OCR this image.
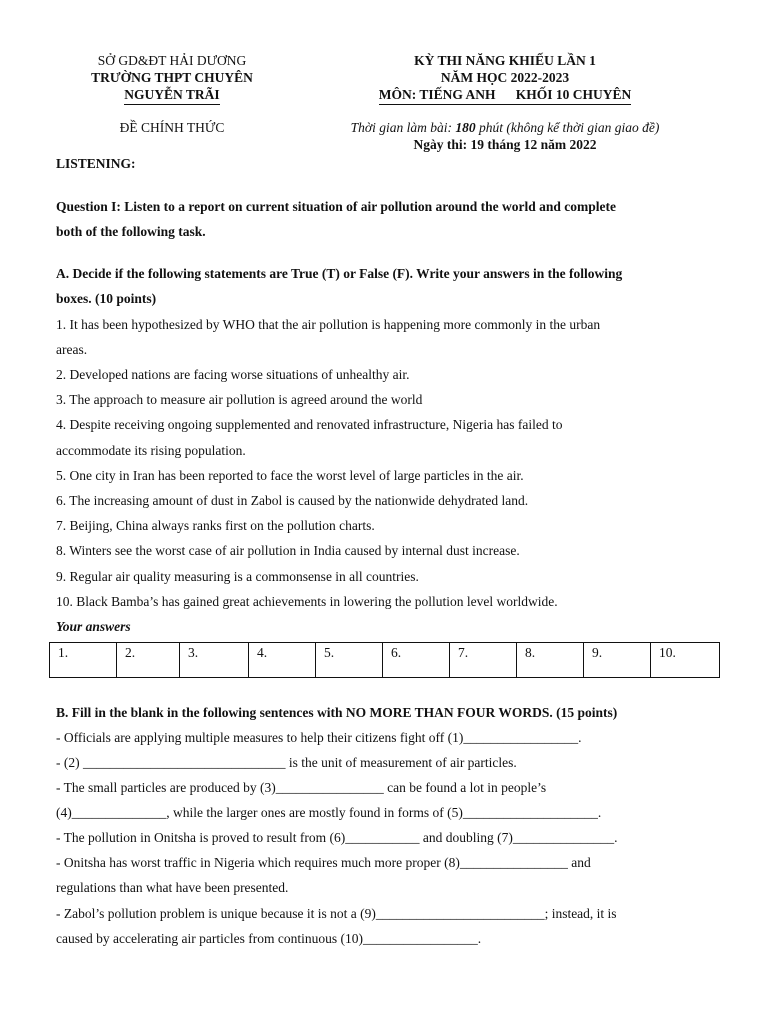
SỞ GD&ĐT HẢI DƯƠNG
TRƯỜNG THPT CHUYÊN
NGUYỄN TRÃI
KỲ THI NĂNG KHIẾU LẦN 1
NĂM HỌC 2022-2023
MÔN: TIẾNG ANH      KHỐI 10 CHUYÊN
ĐỀ CHÍNH THỨC	Thời gian làm bài: 180 phút (không kể thời gian giao đề)
Ngày thi: 19 tháng 12 năm 2022
LISTENING:
Question I: Listen to a report on current situation of air pollution around the world and complete
both of the following task.
A. Decide if the following statements are True (T) or False (F). Write your answers in the following
boxes. (10 points)
1. It has been hypothesized by WHO that the air pollution is happening more commonly in the urban
areas.
2. Developed nations are facing worse situations of unhealthy air.
3. The approach to measure air pollution is agreed around the world
4. Despite receiving ongoing supplemented and renovated infrastructure, Nigeria has failed to
accommodate its rising population.
5. One city in Iran has been reported to face the worst level of large particles in the air.
6. The increasing amount of dust in Zabol is caused by the nationwide dehydrated land.
7. Beijing, China always ranks first on the pollution charts.
8. Winters see the worst case of air pollution in India caused by internal dust increase.
9. Regular air quality measuring is a commonsense in all countries.
10. Black Bamba’s has gained great achievements in lowering the pollution level worldwide.
Your answers
1.	2.	3.	4.	5.	6.	7.	8.	9.	10.
B. Fill in the blank in the following sentences with NO MORE THAN FOUR WORDS. (15 points)
- Officials are applying multiple measures to help their citizens fight off (1)_________________.
- (2) ______________________________ is the unit of measurement of air particles.
- The small particles are produced by (3)________________ can be found a lot in people’s
(4)______________, while the larger ones are mostly found in forms of (5)____________________.
- The pollution in Onitsha is proved to result from (6)___________ and doubling (7)_______________.
- Onitsha has worst traffic in Nigeria which requires much more proper (8)________________ and
regulations than what have been presented.
- Zabol’s pollution problem is unique because it is not a (9)_________________________; instead, it is
caused by accelerating air particles from continuous (10)_________________.
